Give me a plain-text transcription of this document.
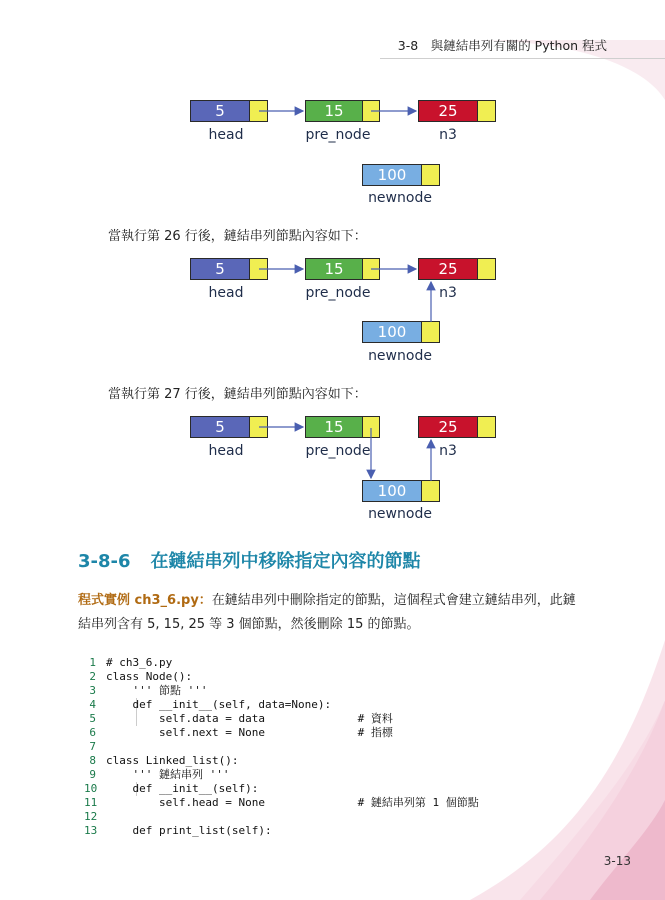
3-8　與鏈結串列有關的 Python 程式
5
head
15
pre_node
25
n3
100
newnode
當執行第 26 行後，鏈結串列節點內容如下：
5
head
15
pre_node
25
n3
100
newnode
當執行第 27 行後，鏈結串列節點內容如下：
5
head
15
pre_node
25
n3
100
newnode
3-8-6 在鏈結串列中移除指定內容的節點
程式實例 ch3_6.py：在鏈結串列中刪除指定的節點，這個程式會建立鏈結串列，此鏈
結串列含有 5, 15, 25 等 3 個節點，然後刪除 15 的節點。

1 # ch3_6.py

2 class Node():

3 ''' 節點 '''

4 def __init__(self, data=None):

5 self.data = data              # 資料

6 self.next = None              # 指標

7

8 class Linked_list():

9 ''' 鏈結串列 '''

10 def __init__(self):

11 self.head = None              # 鏈結串列第 1 個節點

12

13 def print_list(self):

3-13
